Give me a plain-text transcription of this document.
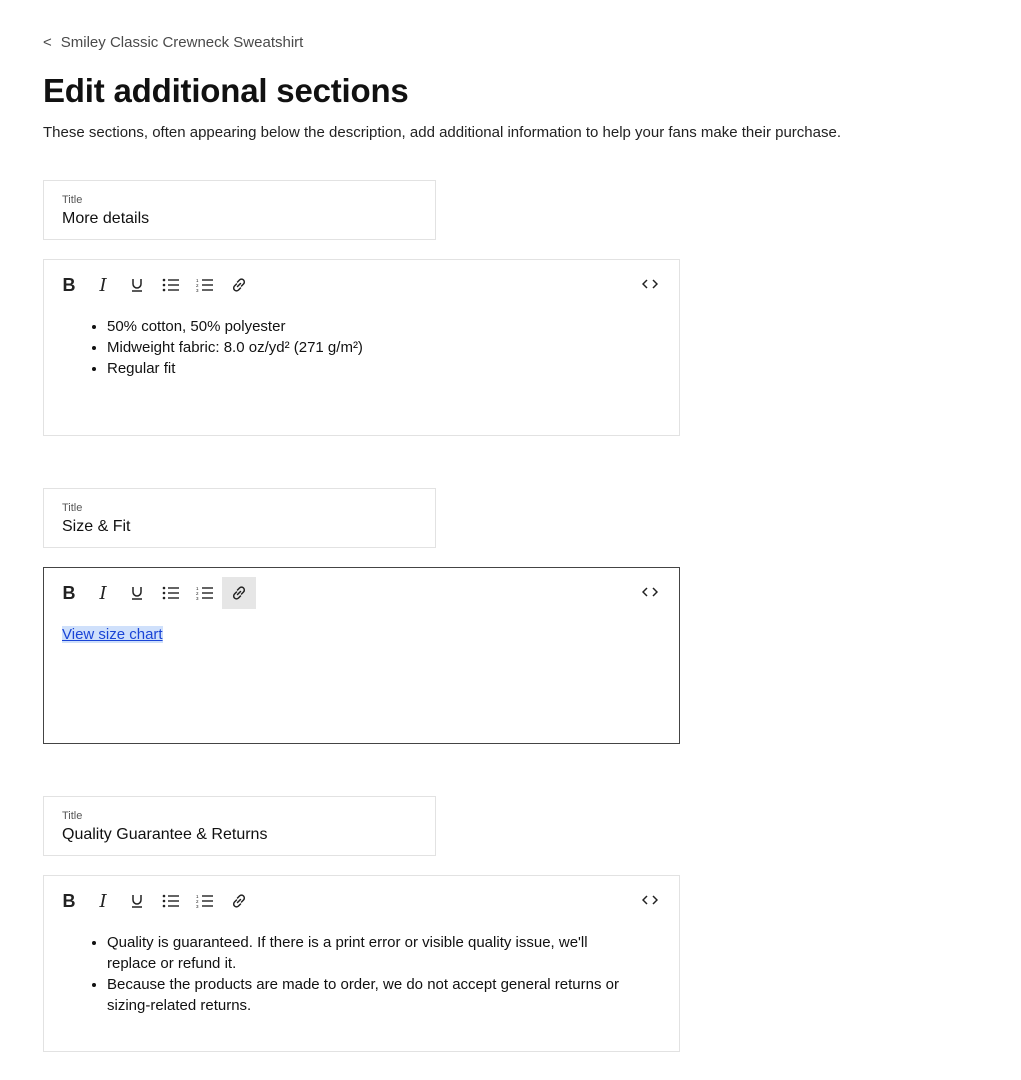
< Smiley Classic Crewneck Sweatshirt
Edit additional sections

These sections, often appearing below the description, add additional information to help your fans make their purchase.

Title
More details
B	I	1
2
3
• 50% cotton, 50% polyester
• Midweight fabric: 8.0 oz/yd² (271 g/m²)
• Regular fit
Title
Size & Fit
B	I	1
2
3
View size chart
Title
Quality Guarantee & Returns
B	I	1
2
3
• Quality is guaranteed. If there is a print error or visible quality issue, we'll replace or refund it.
• Because the products are made to order, we do not accept general returns or sizing-related returns.
